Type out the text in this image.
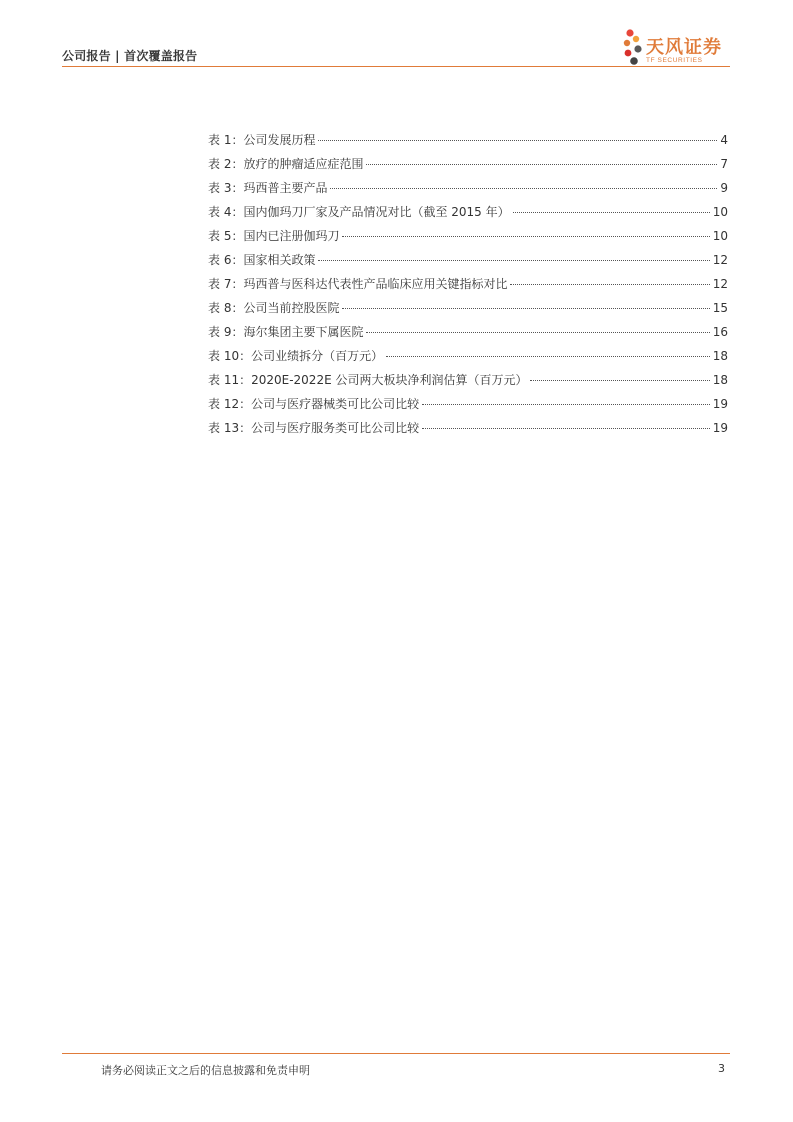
公司报告 | 首次覆盖报告	天风证券
TF SECURITIES
表 1：公司发展历程	4
表 2：放疗的肿瘤适应症范围	7
表 3：玛西普主要产品	9
表 4：国内伽玛刀厂家及产品情况对比（截至 2015 年）	10
表 5：国内已注册伽玛刀	10
表 6：国家相关政策	12
表 7：玛西普与医科达代表性产品临床应用关键指标对比	12
表 8：公司当前控股医院	15
表 9：海尔集团主要下属医院	16
表 10：公司业绩拆分（百万元）	18
表 11：2020E-2022E 公司两大板块净利润估算（百万元）	18
表 12：公司与医疗器械类可比公司比较	19
表 13：公司与医疗服务类可比公司比较	19
请务必阅读正文之后的信息披露和免责申明	3
